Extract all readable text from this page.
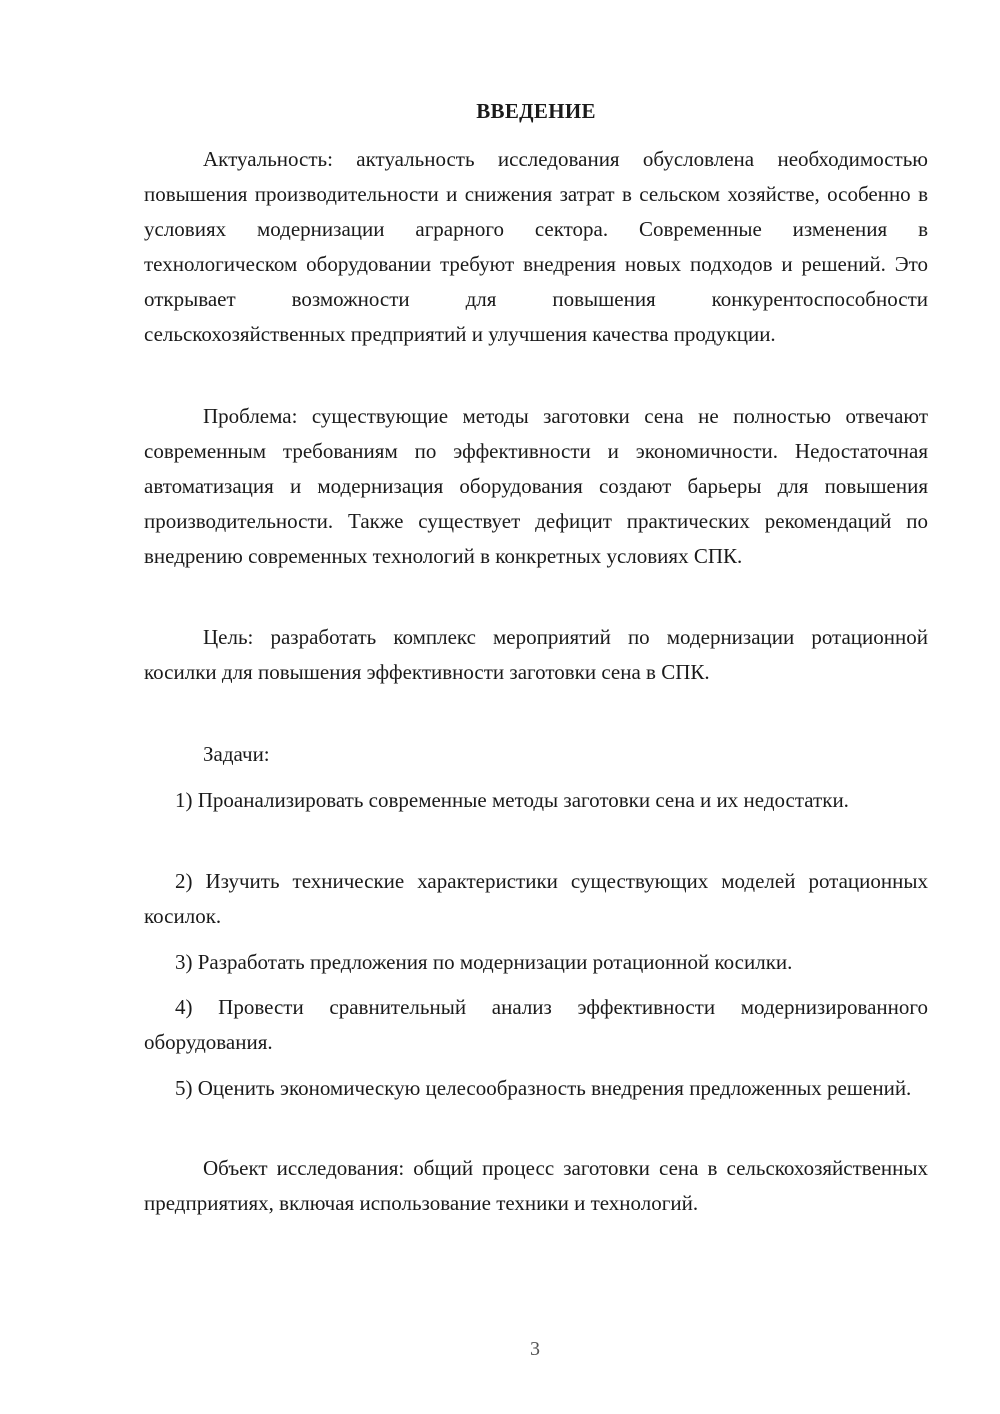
ВВЕДЕНИЕ

Актуальность: актуальность исследования обусловлена необходимостью повышения производительности и снижения затрат в сельском хозяйстве, особенно в условиях модернизации аграрного сектора. Современные изменения в технологическом оборудовании требуют внедрения новых подходов и решений. Это открывает возможности для повышения конкурентоспособности сельскохозяйственных предприятий и улучшения качества продукции.

Проблема: существующие методы заготовки сена не полностью отвечают современным требованиям по эффективности и экономичности. Недостаточная автоматизация и модернизация оборудования создают барьеры для повышения производительности. Также существует дефицит практических рекомендаций по внедрению современных технологий в конкретных условиях СПК.

Цель: разработать комплекс мероприятий по модернизации ротационной косилки для повышения эффективности заготовки сена в СПК.

Задачи:

1) Проанализировать современные методы заготовки сена и их недостатки.

2) Изучить технические характеристики существующих моделей ротационных косилок.

3) Разработать предложения по модернизации ротационной косилки.

4) Провести сравнительный анализ эффективности модернизированного оборудования.

5) Оценить экономическую целесообразность внедрения предложенных решений.

Объект исследования: общий процесс заготовки сена в сельскохозяйственных предприятиях, включая использование техники и технологий.

3
